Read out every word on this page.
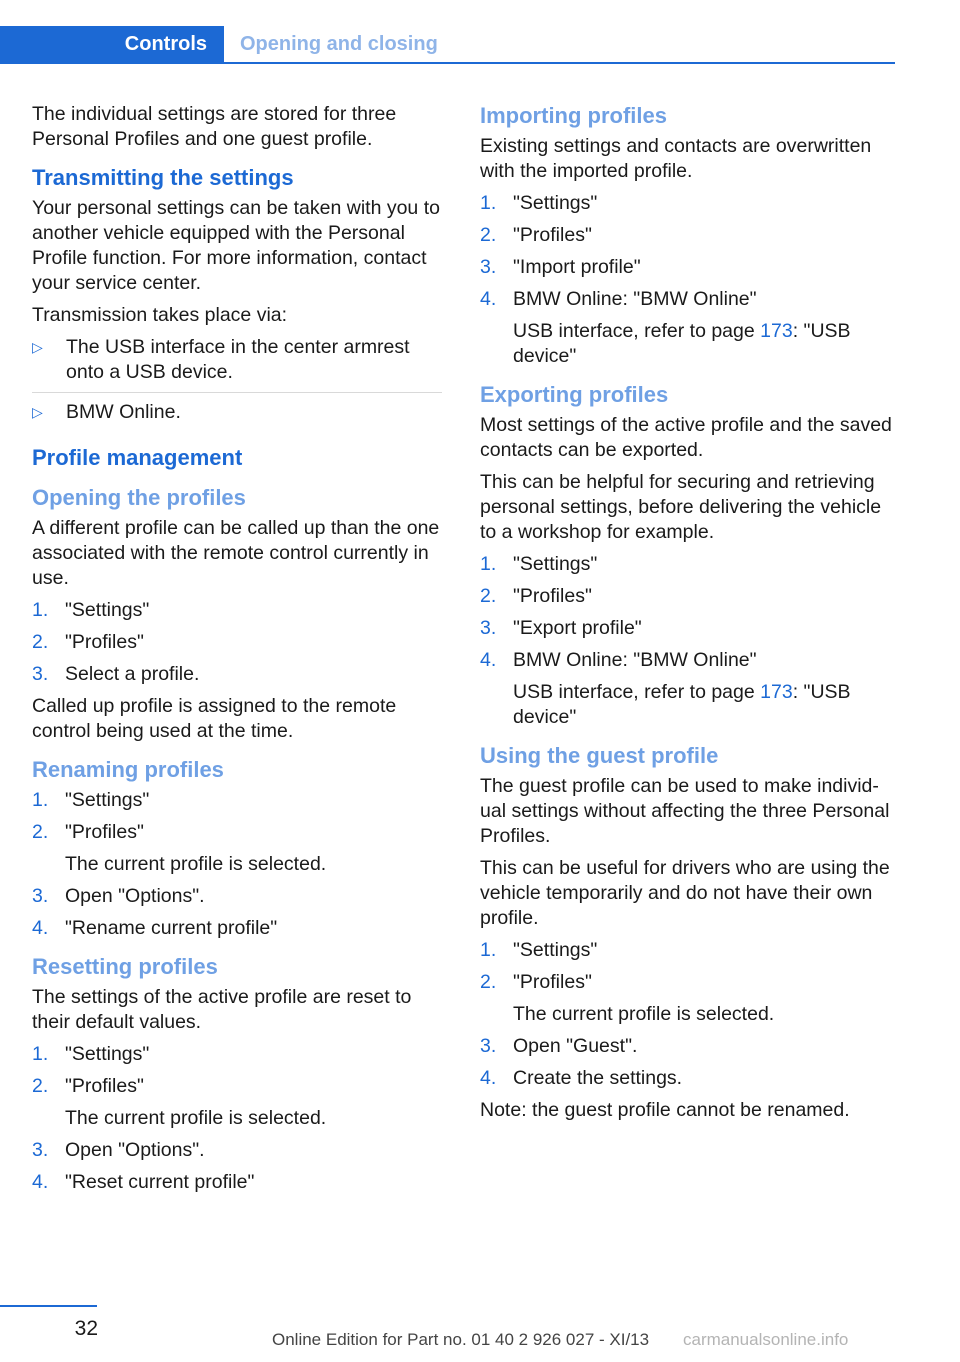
Controls	Opening and closing

The individual settings are stored for three Personal Profiles and one guest profile.

Transmitting the settings

Your personal settings can be taken with you to another vehicle equipped with the Personal Profile function. For more information, contact your service center.

Transmission takes place via:

▷ The USB interface in the center armrest onto a USB device.
▷ BMW Online.
Profile management
Opening the profiles

A different profile can be called up than the one associated with the remote control currently in use.

1. "Settings"
2. "Profiles"
3. Select a profile.

Called up profile is assigned to the remote control being used at the time.

Renaming profiles
1. "Settings"
2. "Profiles"
The current profile is selected.
3. Open "Options".
4. "Rename current profile"
Resetting profiles

The settings of the active profile are reset to their default values.

1. "Settings"
2. "Profiles"
The current profile is selected.
3. Open "Options".
4. "Reset current profile"
Importing profiles

Existing settings and contacts are overwritten with the imported profile.

1. "Settings"
2. "Profiles"
3. "Import profile"
4. BMW Online: "BMW Online"
USB interface, refer to page 173: "USB device"
Exporting profiles

Most settings of the active profile and the saved contacts can be exported.

This can be helpful for securing and retrieving personal settings, before delivering the vehicle to a workshop for example.

1. "Settings"
2. "Profiles"
3. "Export profile"
4. BMW Online: "BMW Online"
USB interface, refer to page 173: "USB device"
Using the guest profile

The guest profile can be used to make individual settings without affecting the three Personal Profiles.

This can be useful for drivers who are using the vehicle temporarily and do not have their own profile.

1. "Settings"
2. "Profiles"
The current profile is selected.
3. Open "Guest".
4. Create the settings.

Note: the guest profile cannot be renamed.

32	Online Edition for Part no. 01 40 2 926 027 - XI/13 carmanualsonline.info
